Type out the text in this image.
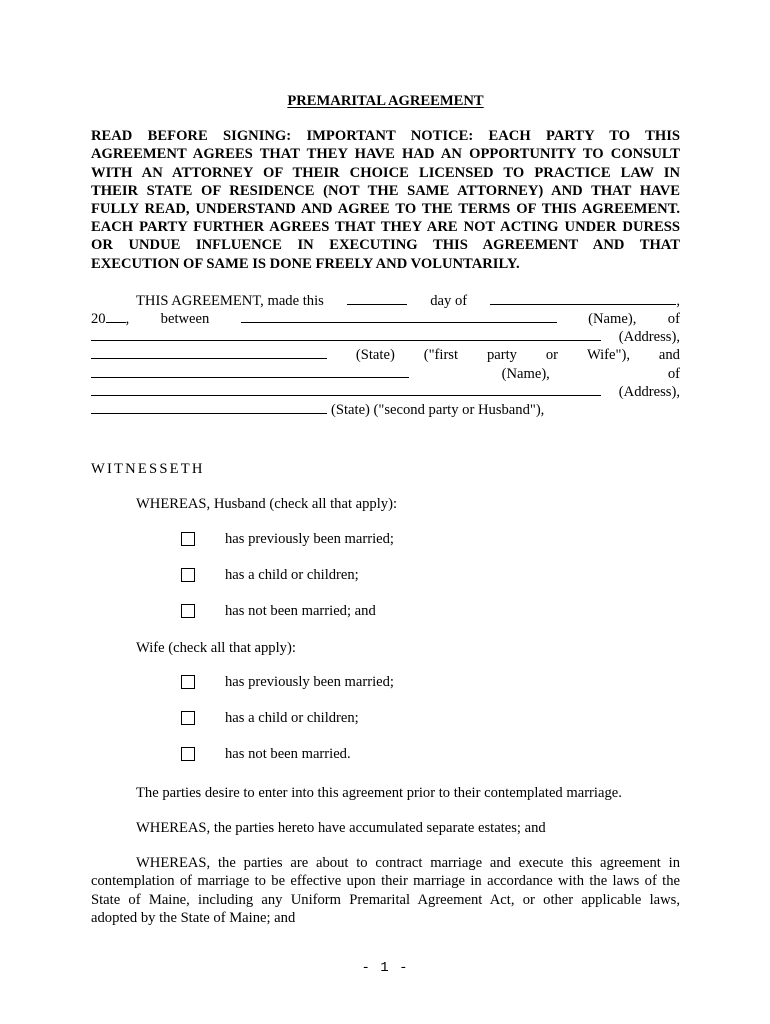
PREMARITAL AGREEMENT
READ BEFORE SIGNING: IMPORTANT NOTICE: EACH PARTY TO THIS
AGREEMENT AGREES THAT THEY HAVE HAD AN OPPORTUNITY TO CONSULT
WITH AN ATTORNEY OF THEIR CHOICE LICENSED TO PRACTICE LAW IN
THEIR STATE OF RESIDENCE (NOT THE SAME ATTORNEY) AND THAT HAVE
FULLY READ, UNDERSTAND AND AGREE TO THE TERMS OF THIS AGREEMENT.
EACH PARTY FURTHER AGREES THAT THEY ARE NOT ACTING UNDER DURESS
OR UNDUE INFLUENCE IN EXECUTING THIS AGREEMENT AND THAT
EXECUTION OF SAME IS DONE FREELY AND VOLUNTARILY.
THIS AGREEMENT, made this	day of	,
20 , between	(Name), of
(Address),
(State) ("first party or Wife"), and
(Name),	of
(Address),
(State) ("second party or Husband"),
WITNESSETH
WHEREAS, Husband (check all that apply):
has previously been married;
has a child or children;
has not been married; and
Wife (check all that apply):
has previously been married;
has a child or children;
has not been married.
The parties desire to enter into this agreement prior to their contemplated marriage.
WHEREAS, the parties hereto have accumulated separate estates; and
WHEREAS, the parties are about to contract marriage and execute this agreement in
contemplation of marriage to be effective upon their marriage in accordance with the laws of the
State of Maine, including any Uniform Premarital Agreement Act, or other applicable laws,
adopted by the State of Maine; and
- 1 -
